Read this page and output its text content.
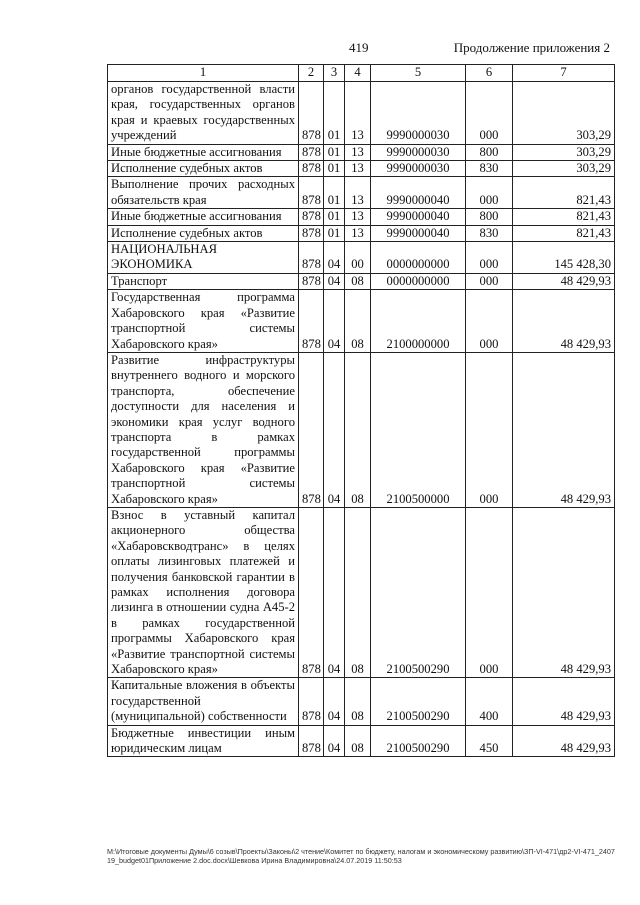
419	Продолжение приложения 2
1	2	3	4	5	6	7
органов государственной власти края, государственных органов края и краевых государственных учреждений	878	01	13	9990000030	000	303,29
Иные бюджетные ассигнования	878	01	13	9990000030	800	303,29
Исполнение судебных актов	878	01	13	9990000030	830	303,29
Выполнение прочих расходных обязательств края	878	01	13	9990000040	000	821,43
Иные бюджетные ассигнования	878	01	13	9990000040	800	821,43
Исполнение судебных актов	878	01	13	9990000040	830	821,43
НАЦИОНАЛЬНАЯ ЭКОНОМИКА	878	04	00	0000000000	000	145 428,30
Транспорт	878	04	08	0000000000	000	48 429,93
Государственная программа Хабаровского края «Развитие транспортной системы Хабаровского края»	878	04	08	2100000000	000	48 429,93
Развитие инфраструктуры внутреннего водного и морского транспорта, обеспечение доступности для населения и экономики края услуг водного транспорта в рамках государственной программы Хабаровского края «Развитие транспортной системы Хабаровского края»	878	04	08	2100500000	000	48 429,93
Взнос в уставный капитал акционерного общества «Хабаровскводтранс» в целях оплаты лизинговых платежей и получения банковской гарантии в рамках исполнения договора лизинга в отношении судна А45-2 в рамках государственной программы Хабаровского края «Развитие транспортной системы Хабаровского края»	878	04	08	2100500290	000	48 429,93
Капитальные вложения в объекты государственной (муниципальной) собственности	878	04	08	2100500290	400	48 429,93
Бюджетные инвестиции иным юридическим лицам	878	04	08	2100500290	450	48 429,93
M:\Итоговые документы Думы\6 созыв\Проекты\Законы\2 чтение\Комитет по бюджету, налогам и экономическому развитию\ЗП-VI-471\др2-VI-471_240719_budget01Приложение 2.doc.docx\Шевкова Ирина Владимировна\24.07.2019 11:50:53
